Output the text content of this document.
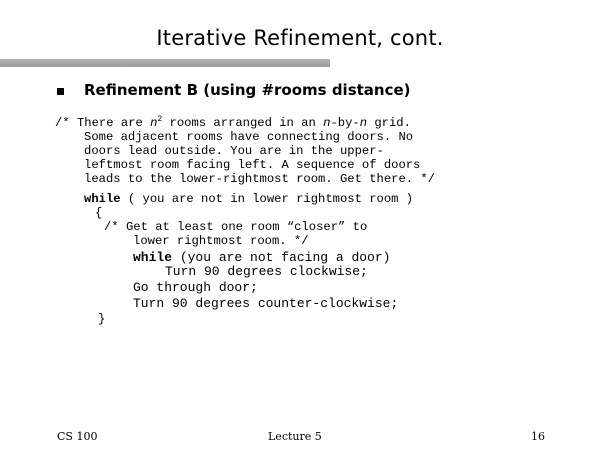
Iterative Refinement, cont.
Refinement B (using #rooms distance)

/* There are $n^2$ rooms arranged in an n-by-n grid.

Some adjacent rooms have connecting doors. No

doors lead outside. You are in the upper-

leftmost room facing left. A sequence of doors

leads to the lower-rightmost room. Get there. */

while ( you are not in lower rightmost room )

{

/* Get at least one room “closer” to

lower rightmost room. */

while (you are not facing a door)

Turn 90 degrees clockwise;

Go through door;

Turn 90 degrees counter-clockwise;

}

CS 100	Lecture 5	16
